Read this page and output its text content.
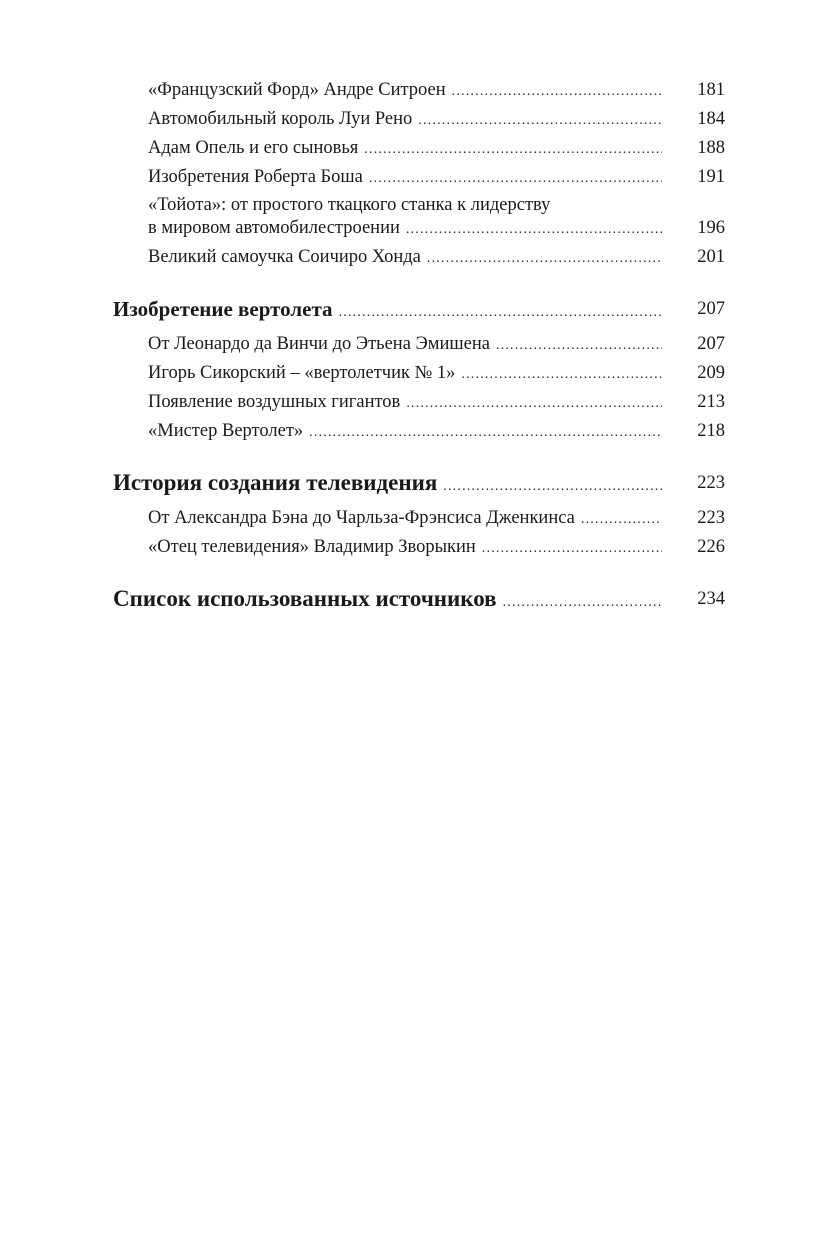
«Французский Форд» Андре Ситроен .....	181
Автомобильный король Луи Рено .....	184
Адам Опель и его сыновья .....	188
Изобретения Роберта Боша .....	191
«Тойота»: от простого ткацкого станка к лидерству
в мировом автомобилестроении .....	196
Великий самоучка Соичиро Хонда .....	201
Изобретение вертолета .....	207
От Леонардо да Винчи до Этьена Эмишена .....	207
Игорь Сикорский – «вертолетчик № 1» .....	209
Появление воздушных гигантов .....	213
«Мистер Вертолет» .....	218
История создания телевидения .....	223
От Александра Бэна до Чарльза-Фрэнсиса Дженкинса .....	223
«Отец телевидения» Владимир Зворыкин .....	226
Список использованных источников .....	234
